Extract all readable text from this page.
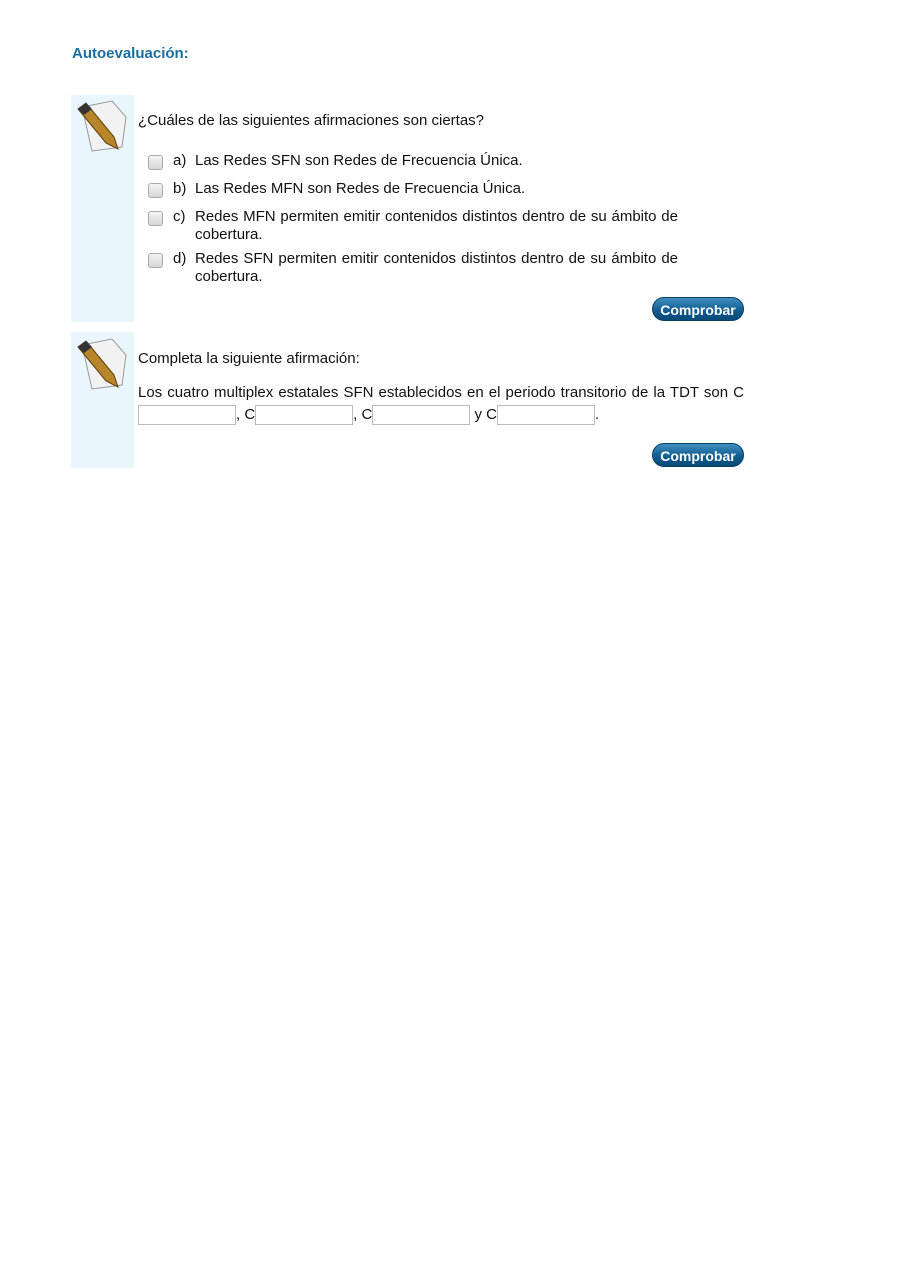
Autoevaluación:
¿Cuáles de las siguientes afirmaciones son ciertas?
a) Las Redes SFN son Redes de Frecuencia Única.
b) Las Redes MFN son Redes de Frecuencia Única.
c) Redes MFN permiten emitir contenidos distintos dentro de su ámbito de cobertura.
d) Redes SFN permiten emitir contenidos distintos dentro de su ámbito de cobertura.
Comprobar
Completa la siguiente afirmación:
Los cuatro multiplex estatales SFN establecidos en el periodo transitorio de la TDT son C, C	, C	y C	.
Comprobar
